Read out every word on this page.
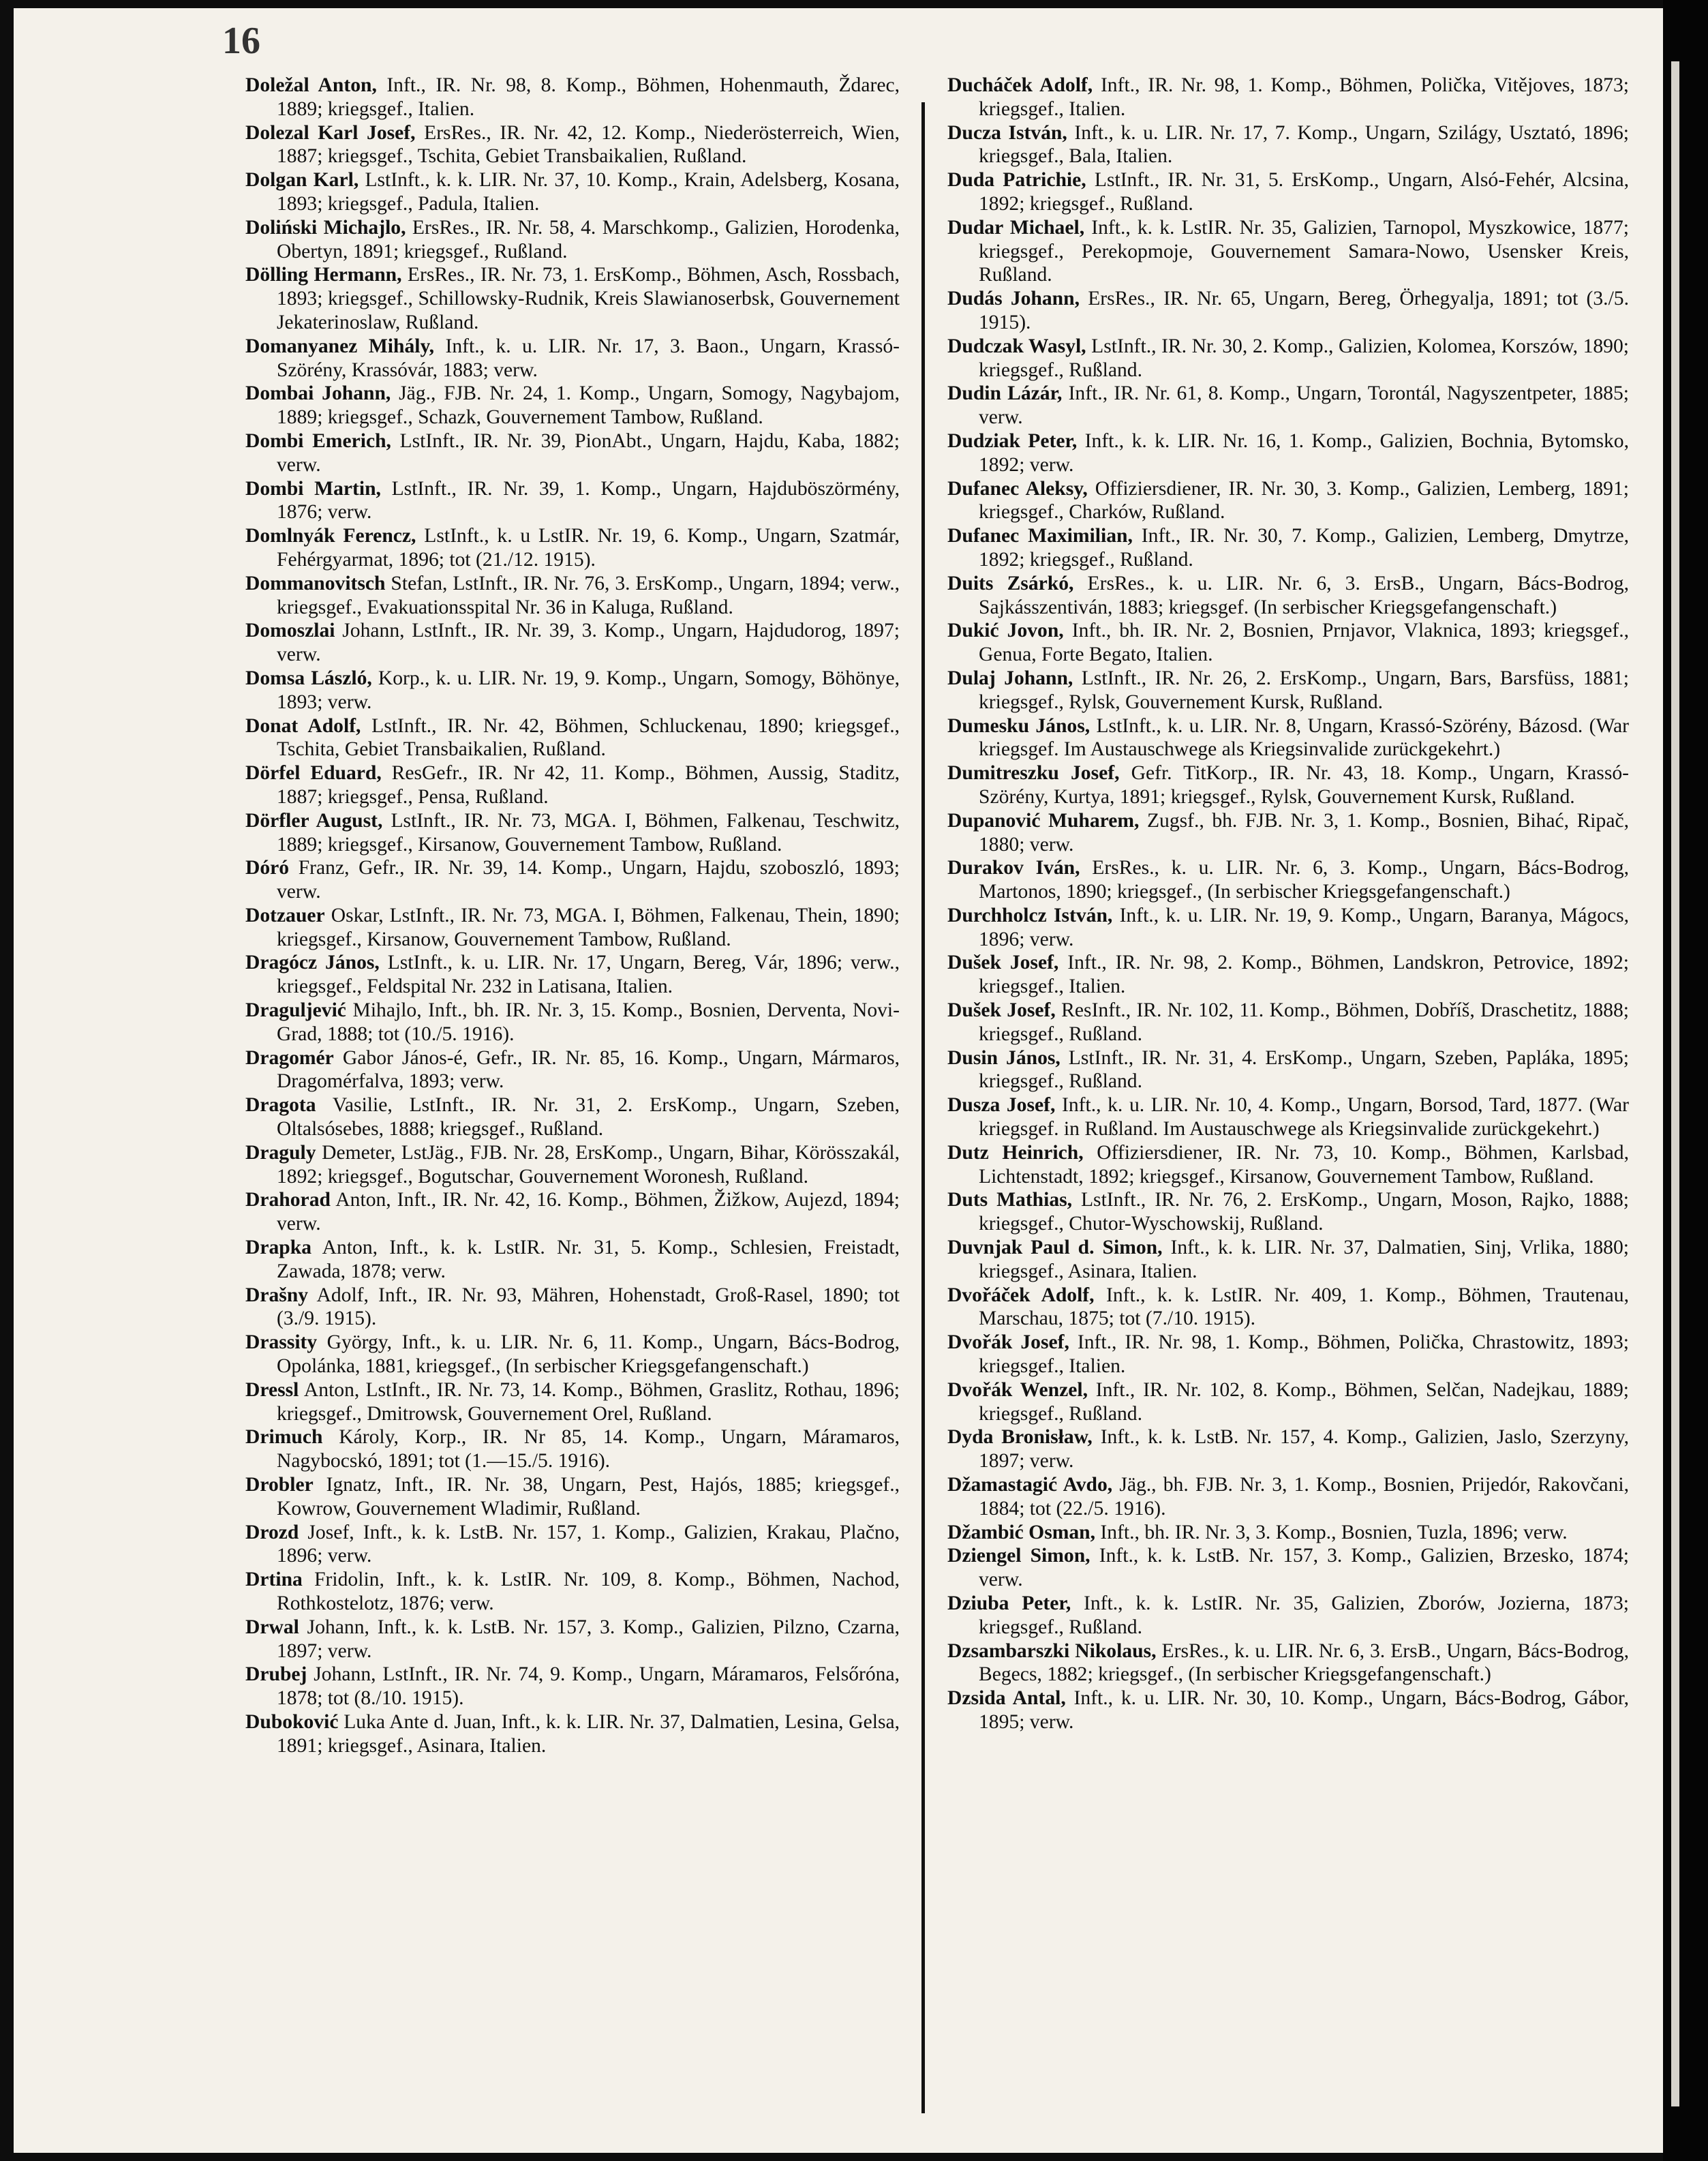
16

Doležal Anton, Inft., IR. Nr. 98, 8. Komp., Böhmen, Hohenmauth, Ždarec, 1889; kriegsgef., Italien.

Dolezal Karl Josef, ErsRes., IR. Nr. 42, 12. Komp., Niederösterreich, Wien, 1887; kriegsgef., Tschita, Gebiet Transbaikalien, Rußland.

Dolgan Karl, LstInft., k. k. LIR. Nr. 37, 10. Komp., Krain, Adelsberg, Kosana, 1893; kriegsgef., Padula, Italien.

Doliński Michajlo, ErsRes., IR. Nr. 58, 4. Marschkomp., Galizien, Horodenka, Obertyn, 1891; kriegsgef., Rußland.

Dölling Hermann, ErsRes., IR. Nr. 73, 1. ErsKomp., Böhmen, Asch, Rossbach, 1893; kriegsgef., Schillowsky-Rudnik, Kreis Slawianoserbsk, Gouvernement Jekaterinoslaw, Rußland.

Domanyanez Mihály, Inft., k. u. LIR. Nr. 17, 3. Baon., Ungarn, Krassó-Szörény, Krassóvár, 1883; verw.

Dombai Johann, Jäg., FJB. Nr. 24, 1. Komp., Ungarn, Somogy, Nagybajom, 1889; kriegsgef., Schazk, Gouvernement Tambow, Rußland.

Dombi Emerich, LstInft., IR. Nr. 39, PionAbt., Ungarn, Hajdu, Kaba, 1882; verw.

Dombi Martin, LstInft., IR. Nr. 39, 1. Komp., Ungarn, Hajduböszörmény, 1876; verw.

Domlnyák Ferencz, LstInft., k. u LstIR. Nr. 19, 6. Komp., Ungarn, Szatmár, Fehérgyarmat, 1896; tot (21./12. 1915).

Dommanovitsch Stefan, LstInft., IR. Nr. 76, 3. ErsKomp., Ungarn, 1894; verw., kriegsgef., Evakuationsspital Nr. 36 in Kaluga, Rußland.

Domoszlai Johann, LstInft., IR. Nr. 39, 3. Komp., Ungarn, Hajdudorog, 1897; verw.

Domsa László, Korp., k. u. LIR. Nr. 19, 9. Komp., Ungarn, Somogy, Böhönye, 1893; verw.

Donat Adolf, LstInft., IR. Nr. 42, Böhmen, Schluckenau, 1890; kriegsgef., Tschita, Gebiet Transbaikalien, Rußland.

Dörfel Eduard, ResGefr., IR. Nr 42, 11. Komp., Böhmen, Aussig, Staditz, 1887; kriegsgef., Pensa, Rußland.

Dörfler August, LstInft., IR. Nr. 73, MGA. I, Böhmen, Falkenau, Teschwitz, 1889; kriegsgef., Kirsanow, Gouvernement Tambow, Rußland.

Dóró Franz, Gefr., IR. Nr. 39, 14. Komp., Ungarn, Hajdu, szoboszló, 1893; verw.

Dotzauer Oskar, LstInft., IR. Nr. 73, MGA. I, Böhmen, Falkenau, Thein, 1890; kriegsgef., Kirsanow, Gouvernement Tambow, Rußland.

Dragócz János, LstInft., k. u. LIR. Nr. 17, Ungarn, Bereg, Vár, 1896; verw., kriegsgef., Feldspital Nr. 232 in Latisana, Italien.

Draguljević Mihajlo, Inft., bh. IR. Nr. 3, 15. Komp., Bosnien, Derventa, Novi-Grad, 1888; tot (10./5. 1916).

Dragomér Gabor János-é, Gefr., IR. Nr. 85, 16. Komp., Ungarn, Mármaros, Dragomérfalva, 1893; verw.

Dragota Vasilie, LstInft., IR. Nr. 31, 2. ErsKomp., Ungarn, Szeben, Oltalsósebes, 1888; kriegsgef., Rußland.

Draguly Demeter, LstJäg., FJB. Nr. 28, ErsKomp., Ungarn, Bihar, Körösszakál, 1892; kriegsgef., Bogutschar, Gouvernement Woronesh, Rußland.

Drahorad Anton, Inft., IR. Nr. 42, 16. Komp., Böhmen, Žižkow, Aujezd, 1894; verw.

Drapka Anton, Inft., k. k. LstIR. Nr. 31, 5. Komp., Schlesien, Freistadt, Zawada, 1878; verw.

Drašny Adolf, Inft., IR. Nr. 93, Mähren, Hohenstadt, Groß-Rasel, 1890; tot (3./9. 1915).

Drassity György, Inft., k. u. LIR. Nr. 6, 11. Komp., Ungarn, Bács-Bodrog, Opolánka, 1881, kriegsgef., (In serbischer Kriegsgefangenschaft.)

Dressl Anton, LstInft., IR. Nr. 73, 14. Komp., Böhmen, Graslitz, Rothau, 1896; kriegsgef., Dmitrowsk, Gouvernement Orel, Rußland.

Drimuch Károly, Korp., IR. Nr 85, 14. Komp., Ungarn, Máramaros, Nagybocskó, 1891; tot (1.—15./5. 1916).

Drobler Ignatz, Inft., IR. Nr. 38, Ungarn, Pest, Hajós, 1885; kriegsgef., Kowrow, Gouvernement Wladimir, Rußland.

Drozd Josef, Inft., k. k. LstB. Nr. 157, 1. Komp., Galizien, Krakau, Plačno, 1896; verw.

Drtina Fridolin, Inft., k. k. LstIR. Nr. 109, 8. Komp., Böhmen, Nachod, Rothkostelotz, 1876; verw.

Drwal Johann, Inft., k. k. LstB. Nr. 157, 3. Komp., Galizien, Pilzno, Czarna, 1897; verw.

Drubej Johann, LstInft., IR. Nr. 74, 9. Komp., Ungarn, Máramaros, Felsőróna, 1878; tot (8./10. 1915).

Duboković Luka Ante d. Juan, Inft., k. k. LIR. Nr. 37, Dalmatien, Lesina, Gelsa, 1891; kriegsgef., Asinara, Italien.

Ducháček Adolf, Inft., IR. Nr. 98, 1. Komp., Böhmen, Polička, Vitějoves, 1873; kriegsgef., Italien.

Ducza István, Inft., k. u. LIR. Nr. 17, 7. Komp., Ungarn, Szilágy, Usztató, 1896; kriegsgef., Bala, Italien.

Duda Patrichie, LstInft., IR. Nr. 31, 5. ErsKomp., Ungarn, Alsó-Fehér, Alcsina, 1892; kriegsgef., Rußland.

Dudar Michael, Inft., k. k. LstIR. Nr. 35, Galizien, Tarnopol, Myszkowice, 1877; kriegsgef., Perekopmoje, Gouvernement Samara-Nowo, Usensker Kreis, Rußland.

Dudás Johann, ErsRes., IR. Nr. 65, Ungarn, Bereg, Örhegyalja, 1891; tot (3./5. 1915).

Dudczak Wasyl, LstInft., IR. Nr. 30, 2. Komp., Galizien, Kolomea, Korszów, 1890; kriegsgef., Rußland.

Dudin Lázár, Inft., IR. Nr. 61, 8. Komp., Ungarn, Torontál, Nagyszentpeter, 1885; verw.

Dudziak Peter, Inft., k. k. LIR. Nr. 16, 1. Komp., Galizien, Bochnia, Bytomsko, 1892; verw.

Dufanec Aleksy, Offiziersdiener, IR. Nr. 30, 3. Komp., Galizien, Lemberg, 1891; kriegsgef., Charków, Rußland.

Dufanec Maximilian, Inft., IR. Nr. 30, 7. Komp., Galizien, Lemberg, Dmytrze, 1892; kriegsgef., Rußland.

Duits Zsárkó, ErsRes., k. u. LIR. Nr. 6, 3. ErsB., Ungarn, Bács-Bodrog, Sajkásszentiván, 1883; kriegsgef. (In serbischer Kriegsgefangenschaft.)

Dukić Jovon, Inft., bh. IR. Nr. 2, Bosnien, Prnjavor, Vlaknica, 1893; kriegsgef., Genua, Forte Begato, Italien.

Dulaj Johann, LstInft., IR. Nr. 26, 2. ErsKomp., Ungarn, Bars, Barsfüss, 1881; kriegsgef., Rylsk, Gouvernement Kursk, Rußland.

Dumesku János, LstInft., k. u. LIR. Nr. 8, Ungarn, Krassó-Szörény, Bázosd. (War kriegsgef. Im Austauschwege als Kriegsinvalide zurückgekehrt.)

Dumitreszku Josef, Gefr. TitKorp., IR. Nr. 43, 18. Komp., Ungarn, Krassó-Szörény, Kurtya, 1891; kriegsgef., Rylsk, Gouvernement Kursk, Rußland.

Dupanović Muharem, Zugsf., bh. FJB. Nr. 3, 1. Komp., Bosnien, Bihać, Ripač, 1880; verw.

Durakov Iván, ErsRes., k. u. LIR. Nr. 6, 3. Komp., Ungarn, Bács-Bodrog, Martonos, 1890; kriegsgef., (In serbischer Kriegsgefangenschaft.)

Durchholcz István, Inft., k. u. LIR. Nr. 19, 9. Komp., Ungarn, Baranya, Mágocs, 1896; verw.

Dušek Josef, Inft., IR. Nr. 98, 2. Komp., Böhmen, Landskron, Petrovice, 1892; kriegsgef., Italien.

Dušek Josef, ResInft., IR. Nr. 102, 11. Komp., Böhmen, Dobříš, Draschetitz, 1888; kriegsgef., Rußland.

Dusin János, LstInft., IR. Nr. 31, 4. ErsKomp., Ungarn, Szeben, Papláka, 1895; kriegsgef., Rußland.

Dusza Josef, Inft., k. u. LIR. Nr. 10, 4. Komp., Ungarn, Borsod, Tard, 1877. (War kriegsgef. in Rußland. Im Austauschwege als Kriegsinvalide zurückgekehrt.)

Dutz Heinrich, Offiziersdiener, IR. Nr. 73, 10. Komp., Böhmen, Karlsbad, Lichtenstadt, 1892; kriegsgef., Kirsanow, Gouvernement Tambow, Rußland.

Duts Mathias, LstInft., IR. Nr. 76, 2. ErsKomp., Ungarn, Moson, Rajko, 1888; kriegsgef., Chutor-Wyschowskij, Rußland.

Duvnjak Paul d. Simon, Inft., k. k. LIR. Nr. 37, Dalmatien, Sinj, Vrlika, 1880; kriegsgef., Asinara, Italien.

Dvořáček Adolf, Inft., k. k. LstIR. Nr. 409, 1. Komp., Böhmen, Trautenau, Marschau, 1875; tot (7./10. 1915).

Dvořák Josef, Inft., IR. Nr. 98, 1. Komp., Böhmen, Polička, Chrastowitz, 1893; kriegsgef., Italien.

Dvořák Wenzel, Inft., IR. Nr. 102, 8. Komp., Böhmen, Selčan, Nadejkau, 1889; kriegsgef., Rußland.

Dyda Bronisław, Inft., k. k. LstB. Nr. 157, 4. Komp., Galizien, Jaslo, Szerzyny, 1897; verw.

Džamastagić Avdo, Jäg., bh. FJB. Nr. 3, 1. Komp., Bosnien, Prijedór, Rakovčani, 1884; tot (22./5. 1916).

Džambić Osman, Inft., bh. IR. Nr. 3, 3. Komp., Bosnien, Tuzla, 1896; verw.

Dziengel Simon, Inft., k. k. LstB. Nr. 157, 3. Komp., Galizien, Brzesko, 1874; verw.

Dziuba Peter, Inft., k. k. LstIR. Nr. 35, Galizien, Zborów, Jozierna, 1873; kriegsgef., Rußland.

Dzsambarszki Nikolaus, ErsRes., k. u. LIR. Nr. 6, 3. ErsB., Ungarn, Bács-Bodrog, Begecs, 1882; kriegsgef., (In serbischer Kriegsgefangenschaft.)

Dzsida Antal, Inft., k. u. LIR. Nr. 30, 10. Komp., Ungarn, Bács-Bodrog, Gábor, 1895; verw.
